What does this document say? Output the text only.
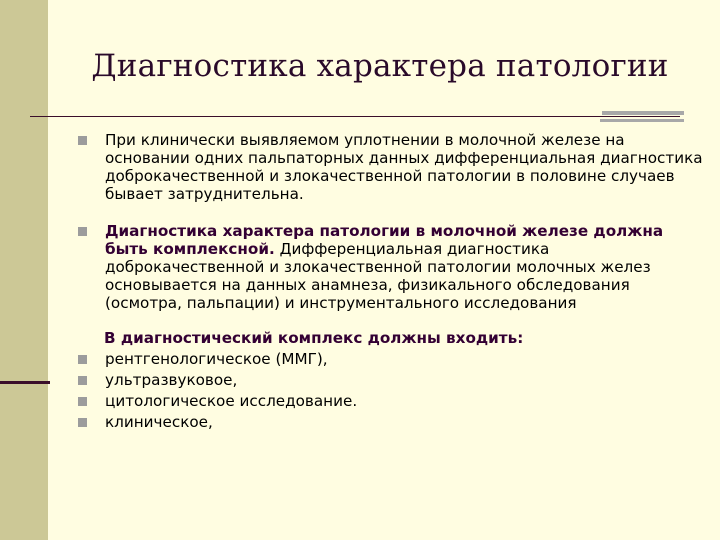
Диагностика характера патологии
При клинически выявляемом уплотнении в молочной железе на основании одних пальпаторных данных дифференциальная диагностика доброкачественной и злокачественной патологии в половине случаев бывает затруднительна.
Диагностика характера патологии в молочной железе должна быть комплексной. Дифференциальная диагностика доброкачественной и злокачественной патологии молочных желез основывается на данных анамнеза, физикального обследования (осмотра, пальпации) и инструментального исследования
В диагностический комплекс должны входить:
рентгенологическое (ММГ),
ультразвуковое,
цитологическое исследование.
клиническое,
